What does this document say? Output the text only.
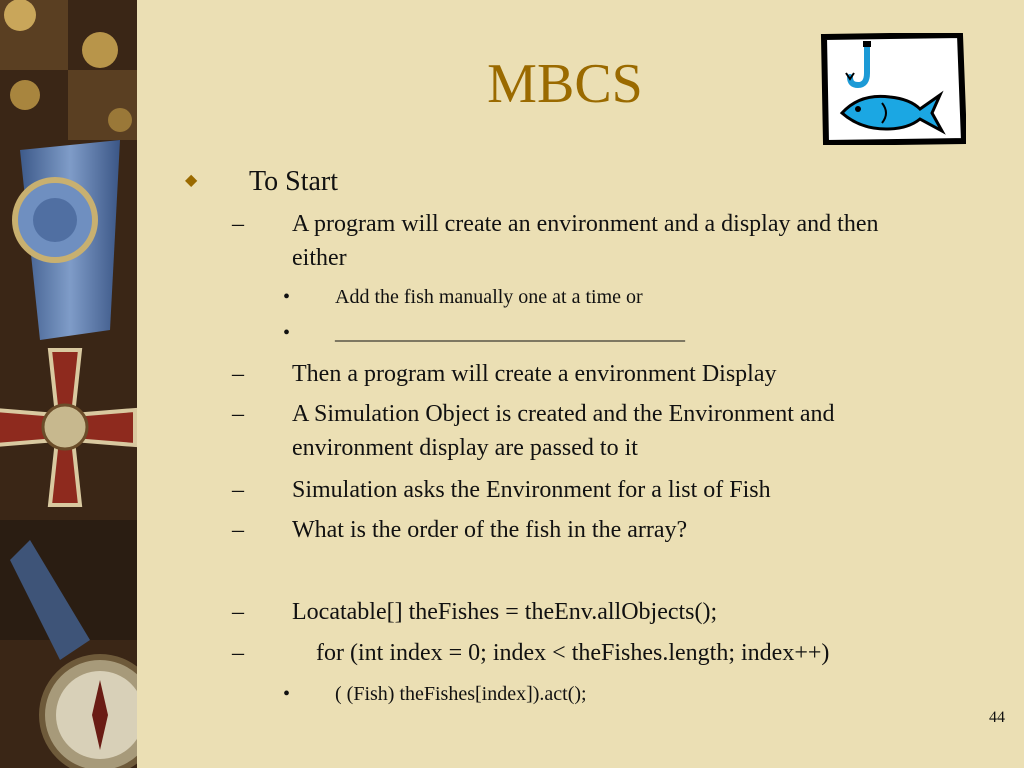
MBCS
◆ To Start
– A program will create an environment and a display and then
either
• Add the fish manually one at a time or
• ___________________________________
– Then a program will create a environment Display
– A Simulation Object is created and the Environment and
environment display are passed to it
– Simulation asks the Environment for a list of Fish
– What is the order of the fish in the array?
– Locatable[] theFishes = theEnv.allObjects();
– for (int index = 0; index < theFishes.length; index++)
• ( (Fish) theFishes[index]).act();
44
